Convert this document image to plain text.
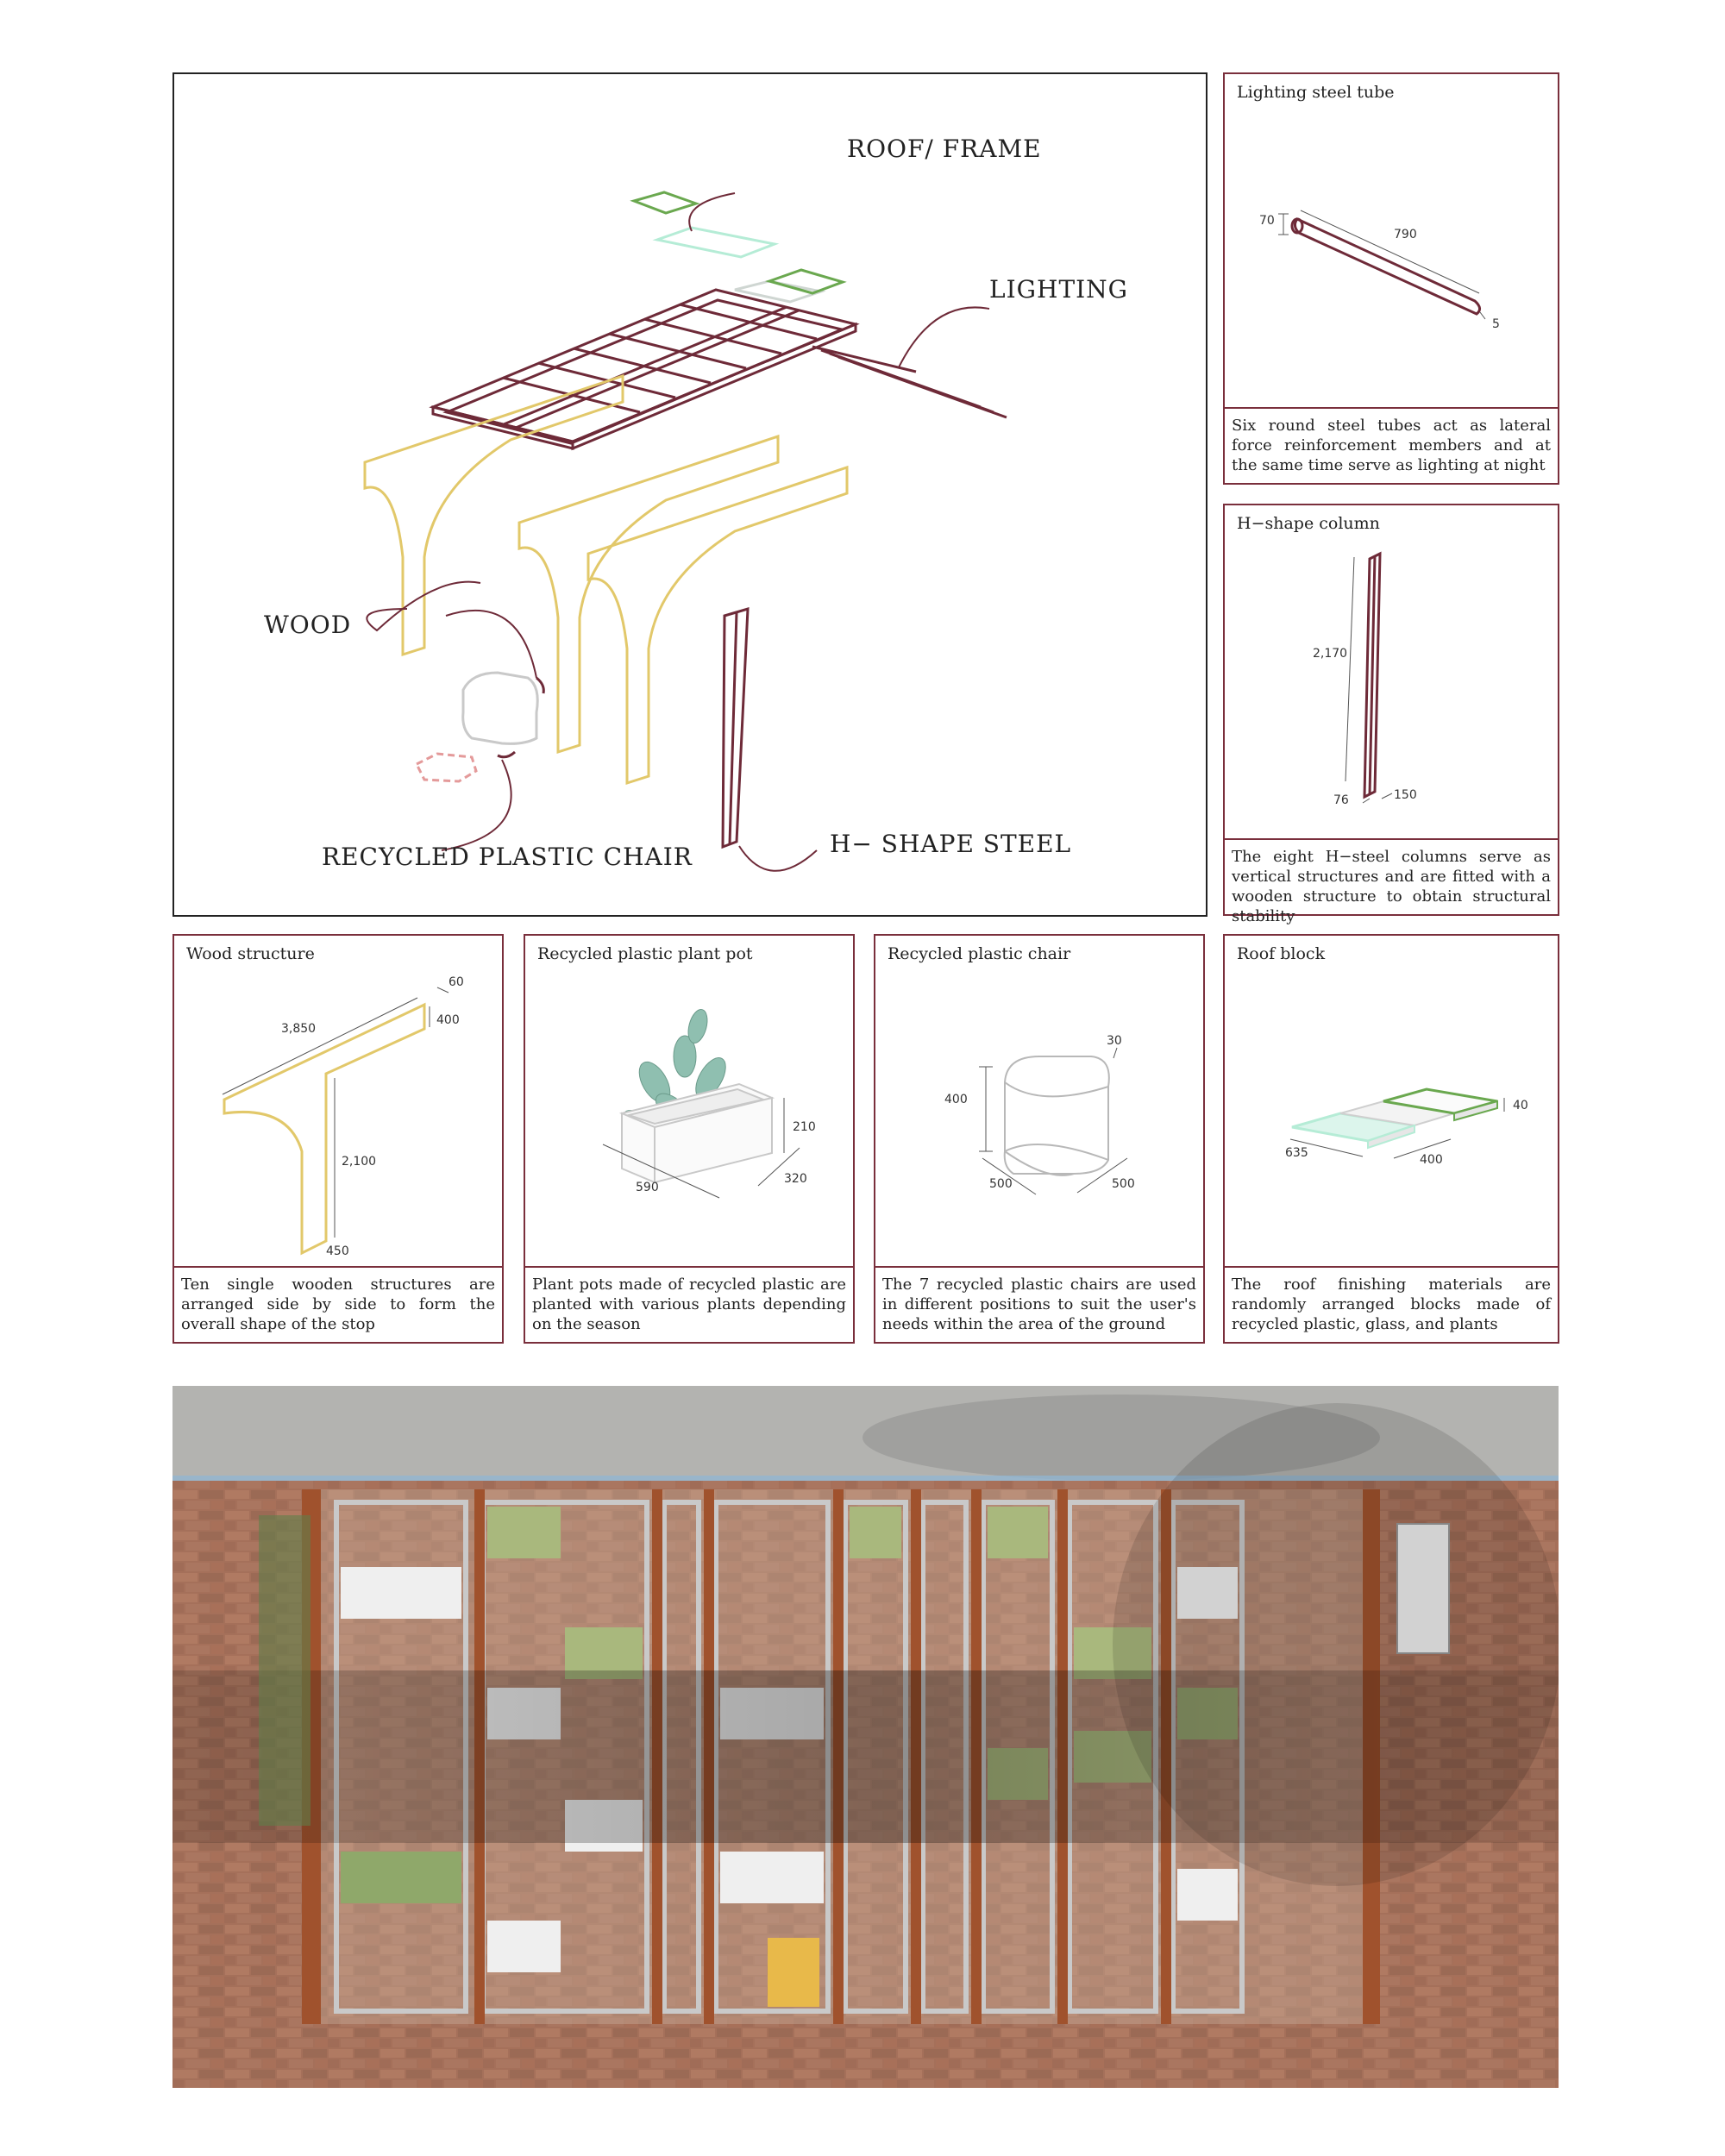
ROOF/ FRAME
LIGHTING
WOOD
RECYCLED PLASTIC CHAIR	H− SHAPE STEEL
Lighting steel tube
70
790
5
Six round steel tubes act as lateral force reinforcement members and at the same time serve as lighting at night
H−shape column
2,170
76	150
The eight H−steel columns serve as vertical structures and are fitted with a wooden structure to obtain structural stability
Wood structure
60
400
3,850
2,100
450
Ten single wooden structures are arranged side by side to form the overall shape of the stop
Recycled plastic plant pot
210
590
320
Plant pots made of recycled plastic are planted with various plants depending on the season
Recycled plastic chair
30
400
500	500
The 7 recycled plastic chairs are used in different positions to suit the user's needs within the area of the ground
Roof block
40
635	400
The roof finishing materials are randomly arranged blocks made of recycled plastic, glass, and plants
